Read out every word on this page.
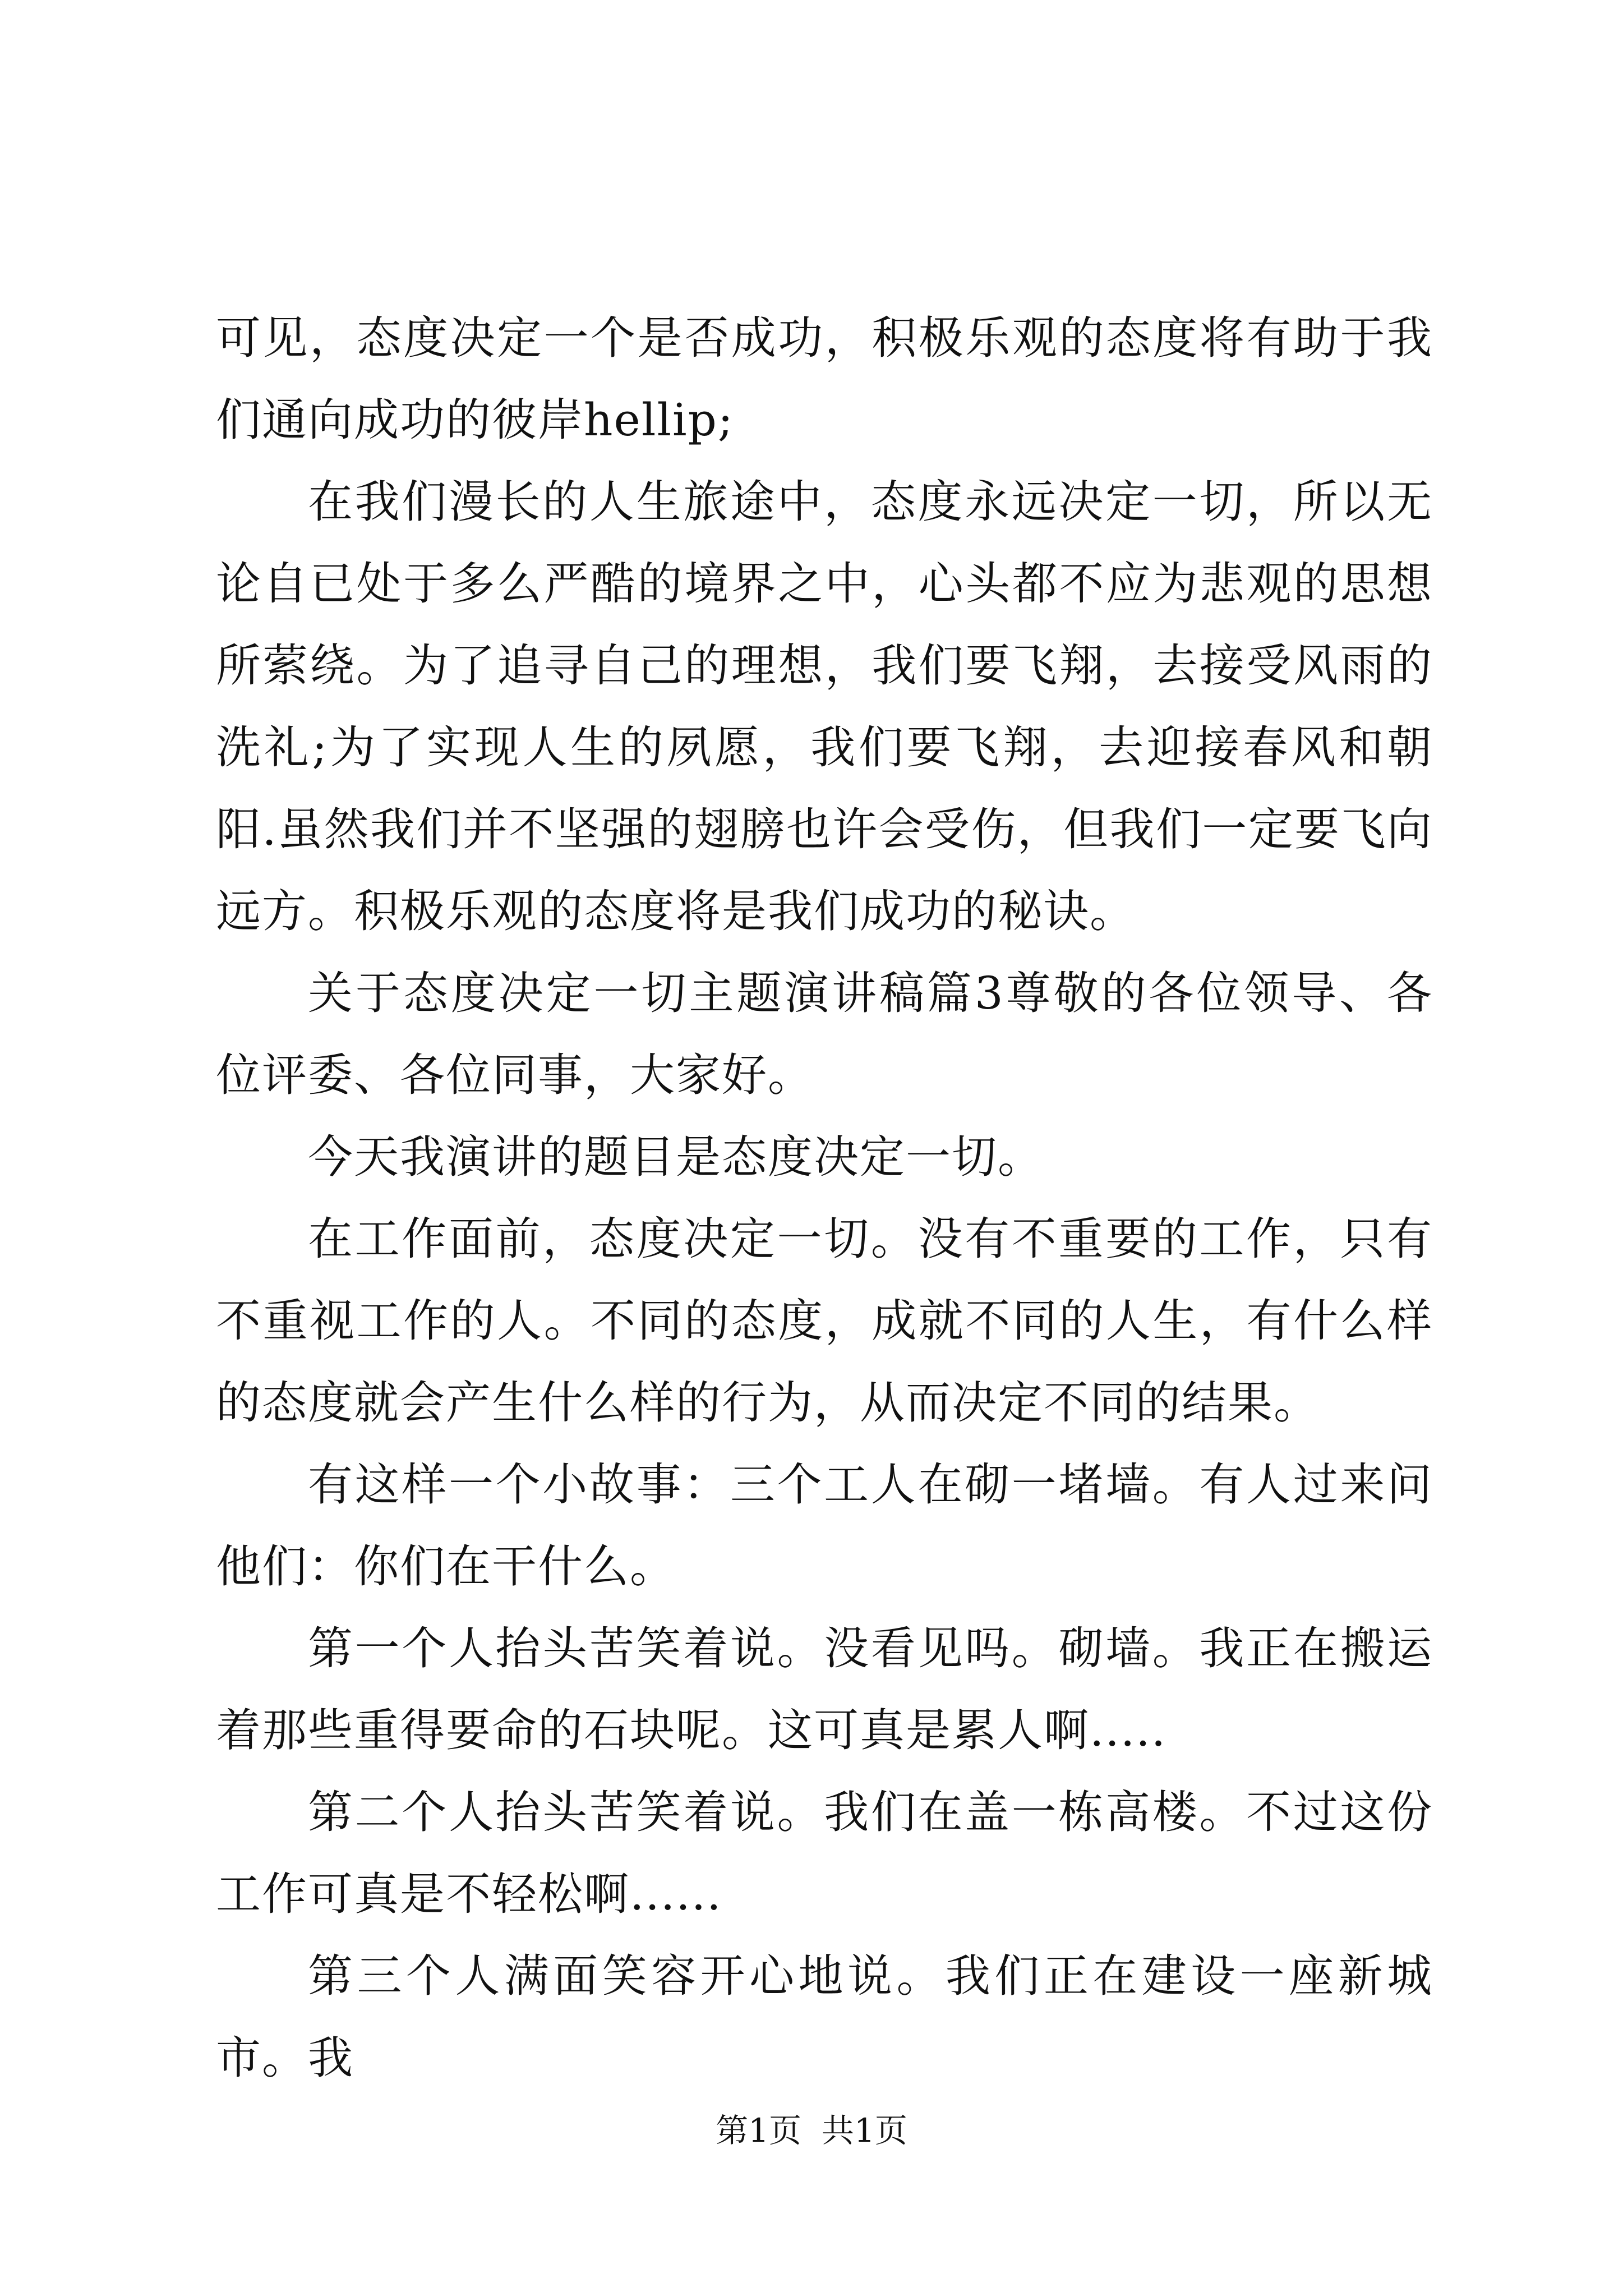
可见，态度决定一个是否成功，积极乐观的态度将有助于我们通向成功的彼岸hellip;

在我们漫长的人生旅途中，态度永远决定一切，所以无论自已处于多么严酷的境界之中，心头都不应为悲观的思想所萦绕。为了追寻自己的理想，我们要飞翔，去接受风雨的洗礼;为了实现人生的夙愿，我们要飞翔，去迎接春风和朝阳.虽然我们并不坚强的翅膀也许会受伤，但我们一定要飞向远方。积极乐观的态度将是我们成功的秘诀。

关于态度决定一切主题演讲稿篇3尊敬的各位领导、各位评委、各位同事，大家好。

今天我演讲的题目是态度决定一切。

在工作面前，态度决定一切。没有不重要的工作，只有不重视工作的人。不同的态度，成就不同的人生，有什么样的态度就会产生什么样的行为，从而决定不同的结果。

有这样一个小故事：三个工人在砌一堵墙。有人过来问他们：你们在干什么。

第一个人抬头苦笑着说。没看见吗。砌墙。我正在搬运着那些重得要命的石块呢。这可真是累人啊.....

第二个人抬头苦笑着说。我们在盖一栋高楼。不过这份工作可真是不轻松啊......

第三个人满面笑容开心地说。我们正在建设一座新城市。我

第1页 共1页
